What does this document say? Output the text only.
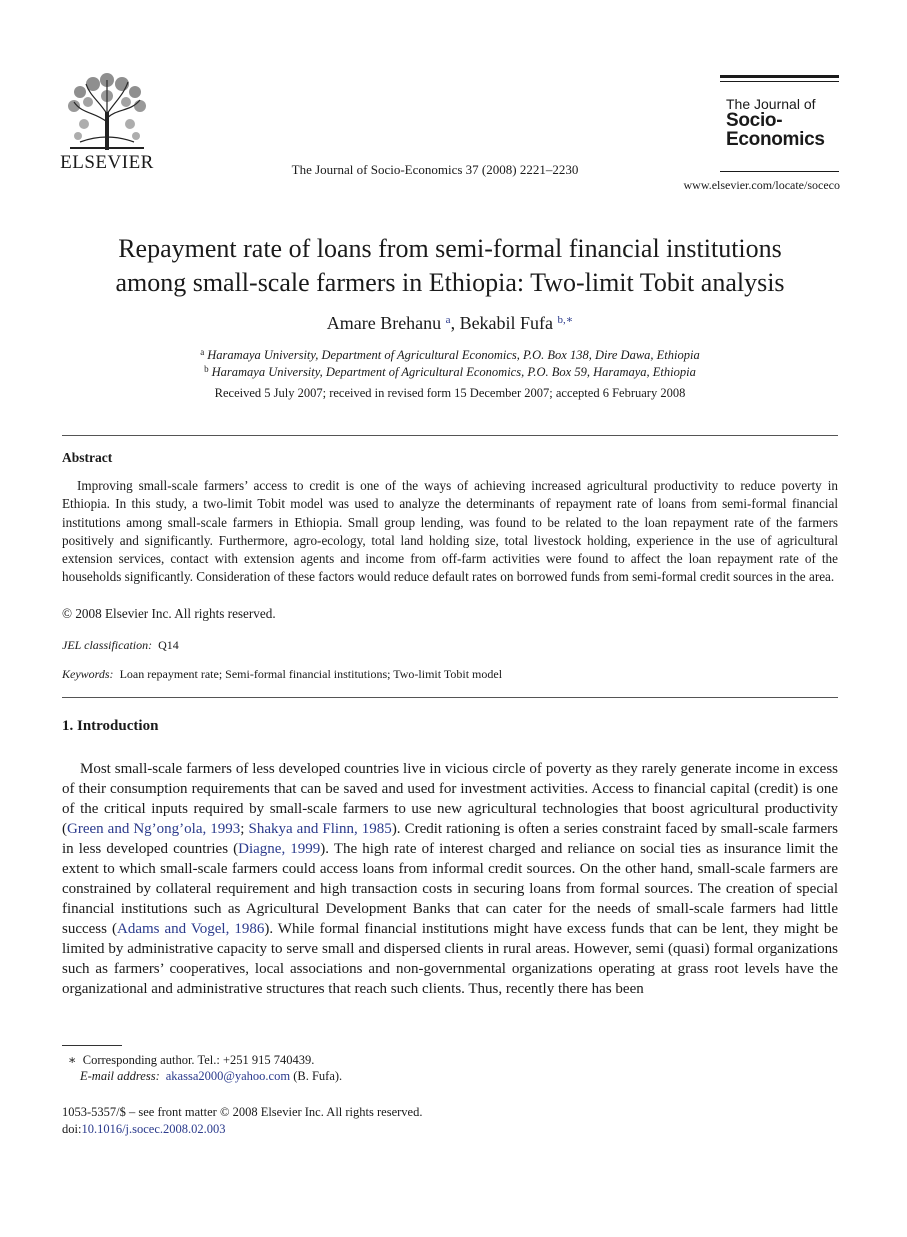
ELSEVIER	The Journal of Socio-Economics 37 (2008) 2221–2230
The Journal of
Socio-
Economics
www.elsevier.com/locate/soceco
Repayment rate of loans from semi-formal financial institutions
among small-scale farmers in Ethiopia: Two-limit Tobit analysis
Amare Brehanu $^a$, Bekabil Fufa $^{b,∗}$
$^a$ Haramaya University, Department of Agricultural Economics, P.O. Box 138, Dire Dawa, Ethiopia
$^b$ Haramaya University, Department of Agricultural Economics, P.O. Box 59, Haramaya, Ethiopia
Received 5 July 2007; received in revised form 15 December 2007; accepted 6 February 2008
Abstract
Improving small-scale farmers’ access to credit is one of the ways of achieving increased agricultural productivity to reduce poverty in Ethiopia. In this study, a two-limit Tobit model was used to analyze the determinants of repayment rate of loans from semi-formal financial institutions among small-scale farmers in Ethiopia. Small group lending, was found to be related to the loan repayment rate of the farmers positively and significantly. Furthermore, agro-ecology, total land holding size, total livestock holding, experience in the use of agricultural extension services, contact with extension agents and income from off-farm activities were found to affect the loan repayment rate of the households significantly. Consideration of these factors would reduce default rates on borrowed funds from semi-formal credit sources in the area.
© 2008 Elsevier Inc. All rights reserved.
JEL classification: Q14
Keywords: Loan repayment rate; Semi-formal financial institutions; Two-limit Tobit model
1. Introduction
Most small-scale farmers of less developed countries live in vicious circle of poverty as they rarely generate income in excess of their consumption requirements that can be saved and used for investment activities. Access to financial capital (credit) is one of the critical inputs required by small-scale farmers to use new agricultural technologies that boost agricultural productivity (Green and Ng’ong’ola, 1993; Shakya and Flinn, 1985). Credit rationing is often a series constraint faced by small-scale farmers in less developed countries (Diagne, 1999). The high rate of interest charged and reliance on social ties as insurance limit the extent to which small-scale farmers could access loans from informal credit sources. On the other hand, small-scale farmers are constrained by collateral requirement and high transaction costs in securing loans from formal sources. The creation of special financial institutions such as Agricultural Development Banks that can cater for the needs of small-scale farmers had little success (Adams and Vogel, 1986). While formal financial institutions might have excess funds that can be lent, they might be limited by administrative capacity to serve small and dispersed clients in rural areas. However, semi (quasi) formal organizations such as farmers’ cooperatives, local associations and non-governmental organizations operating at grass root levels have the organizational and administrative structures that reach such clients. Thus, recently there has been
∗ Corresponding author. Tel.: +251 915 740439.
E-mail address: akassa2000@yahoo.com (B. Fufa).
1053-5357/$ – see front matter © 2008 Elsevier Inc. All rights reserved.
doi:10.1016/j.socec.2008.02.003
